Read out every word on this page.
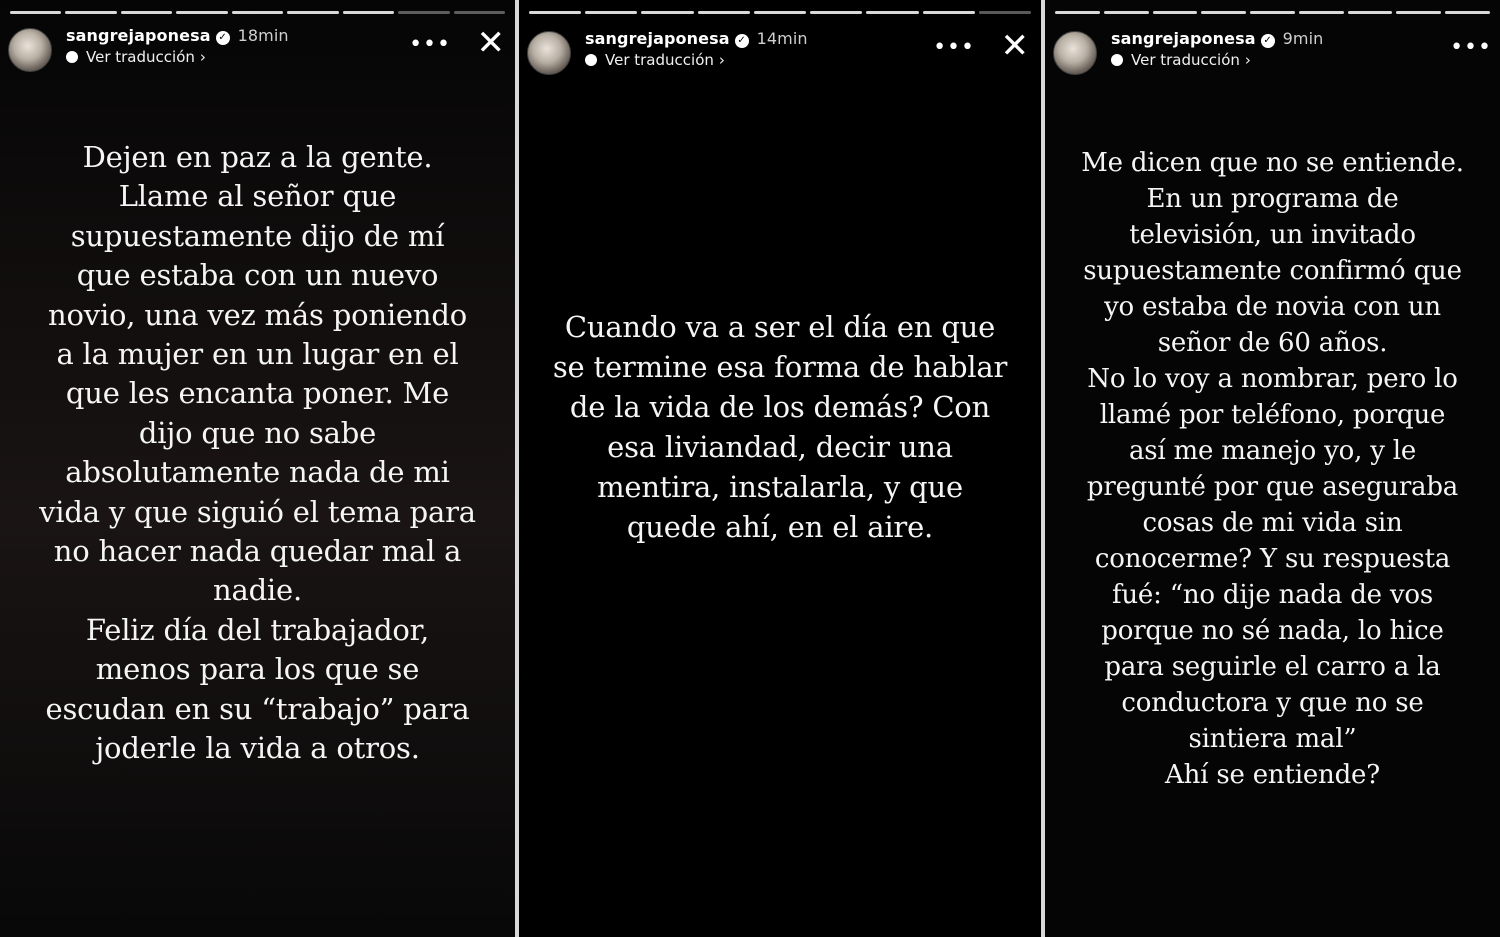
sangrejaponesa ✓ 18min
Ver traducción ›	••• ✕

Dejen en paz a la gente.

Llame al señor que

supuestamente dijo de mí

que estaba con un nuevo

novio, una vez más poniendo

a la mujer en un lugar en el

que les encanta poner. Me

dijo que no sabe

absolutamente nada de mi

vida y que siguió el tema para

no hacer nada quedar mal a

nadie.

Feliz día del trabajador,

menos para los que se

escudan en su “trabajo” para

joderle la vida a otros.

sangrejaponesa ✓ 14min
Ver traducción ›	••• ✕

Cuando va a ser el día en que

se termine esa forma de hablar

de la vida de los demás? Con

esa liviandad, decir una

mentira, instalarla, y que

quede ahí, en el aire.

sangrejaponesa ✓ 9min
Ver traducción ›	•••

Me dicen que no se entiende.

En un programa de

televisión, un invitado

supuestamente confirmó que

yo estaba de novia con un

señor de 60 años.

No lo voy a nombrar, pero lo

llamé por teléfono, porque

así me manejo yo, y le

pregunté por que aseguraba

cosas de mi vida sin

conocerme? Y su respuesta

fué: “no dije nada de vos

porque no sé nada, lo hice

para seguirle el carro a la

conductora y que no se

sintiera mal”

Ahí se entiende?
